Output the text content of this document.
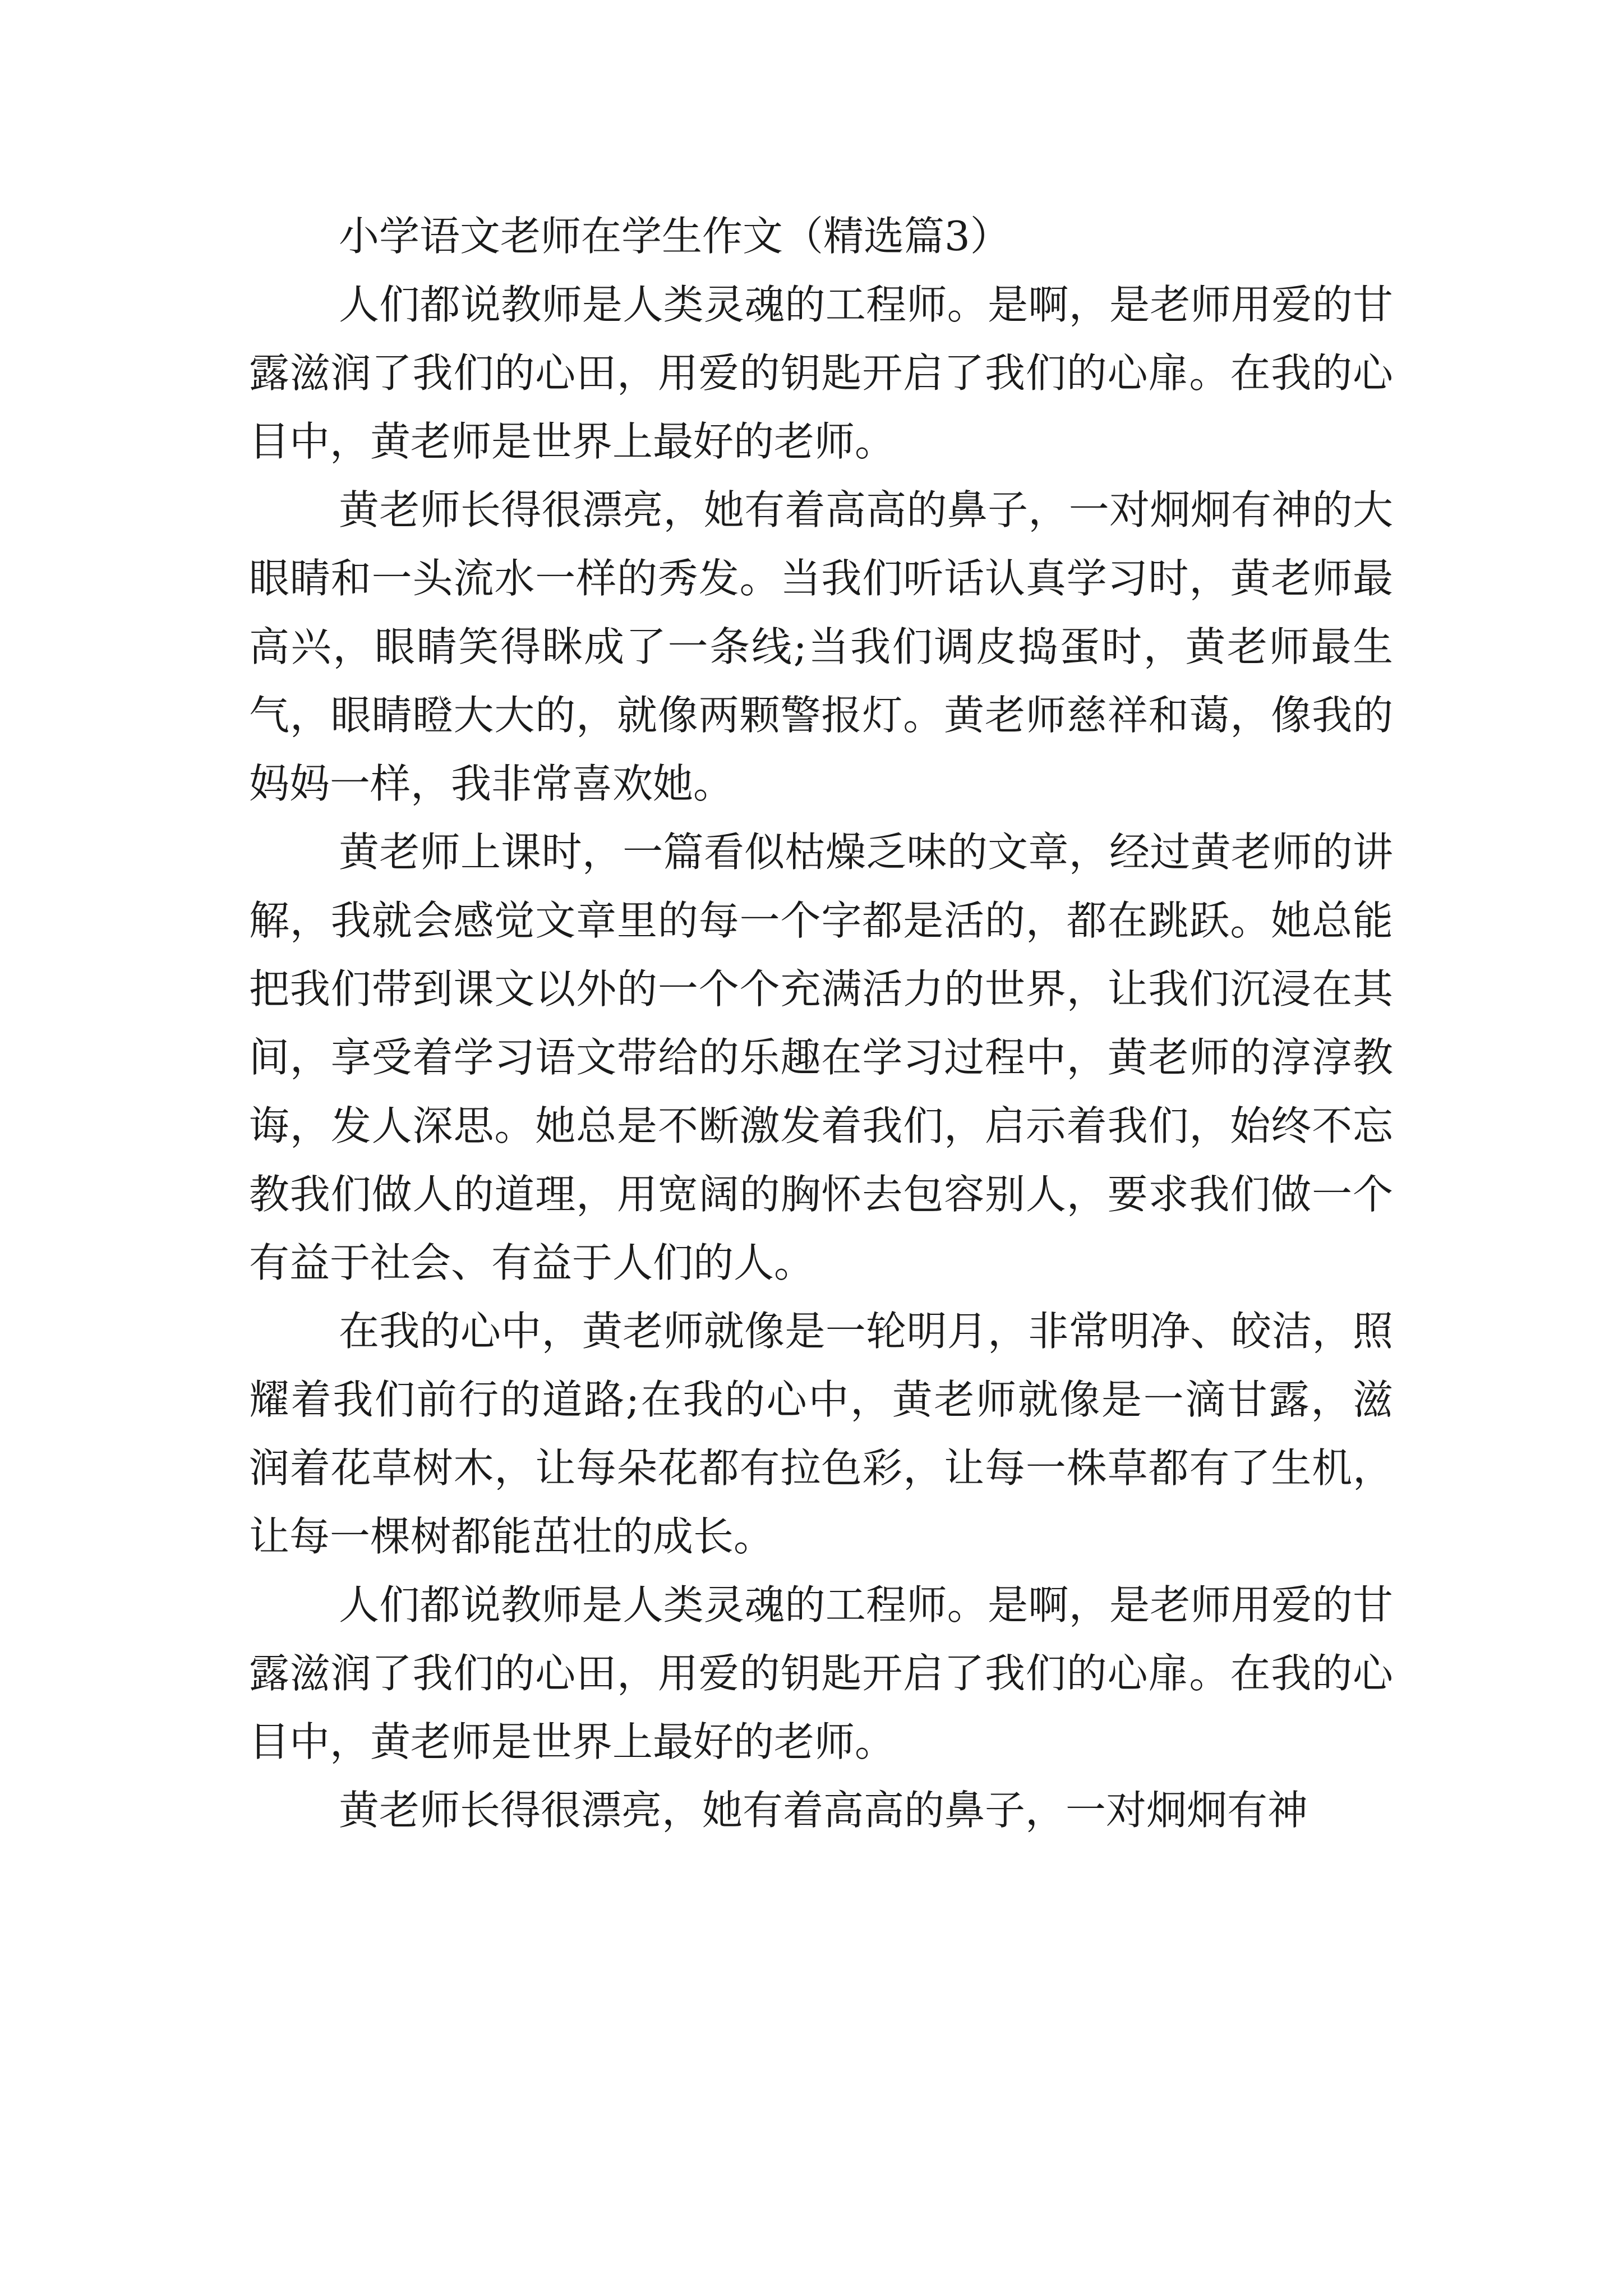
小学语文老师在学生作文（精选篇3）

人们都说教师是人类灵魂的工程师。是啊，是老师用爱的甘露滋润了我们的心田，用爱的钥匙开启了我们的心扉。在我的心目中，黄老师是世界上最好的老师。

黄老师长得很漂亮，她有着高高的鼻子，一对炯炯有神的大眼睛和一头流水一样的秀发。当我们听话认真学习时，黄老师最高兴，眼睛笑得眯成了一条线;当我们调皮捣蛋时，黄老师最生气，眼睛瞪大大的，就像两颗警报灯。黄老师慈祥和蔼，像我的妈妈一样，我非常喜欢她。

黄老师上课时，一篇看似枯燥乏味的文章，经过黄老师的讲解，我就会感觉文章里的每一个字都是活的，都在跳跃。她总能把我们带到课文以外的一个个充满活力的世界，让我们沉浸在其间，享受着学习语文带给的乐趣在学习过程中，黄老师的淳淳教诲，发人深思。她总是不断激发着我们，启示着我们，始终不忘教我们做人的道理，用宽阔的胸怀去包容别人，要求我们做一个有益于社会、有益于人们的人。

在我的心中，黄老师就像是一轮明月，非常明净、皎洁，照耀着我们前行的道路;在我的心中，黄老师就像是一滴甘露，滋润着花草树木，让每朵花都有拉色彩，让每一株草都有了生机，让每一棵树都能茁壮的成长。

人们都说教师是人类灵魂的工程师。是啊，是老师用爱的甘露滋润了我们的心田，用爱的钥匙开启了我们的心扉。在我的心目中，黄老师是世界上最好的老师。

黄老师长得很漂亮，她有着高高的鼻子，一对炯炯有神
